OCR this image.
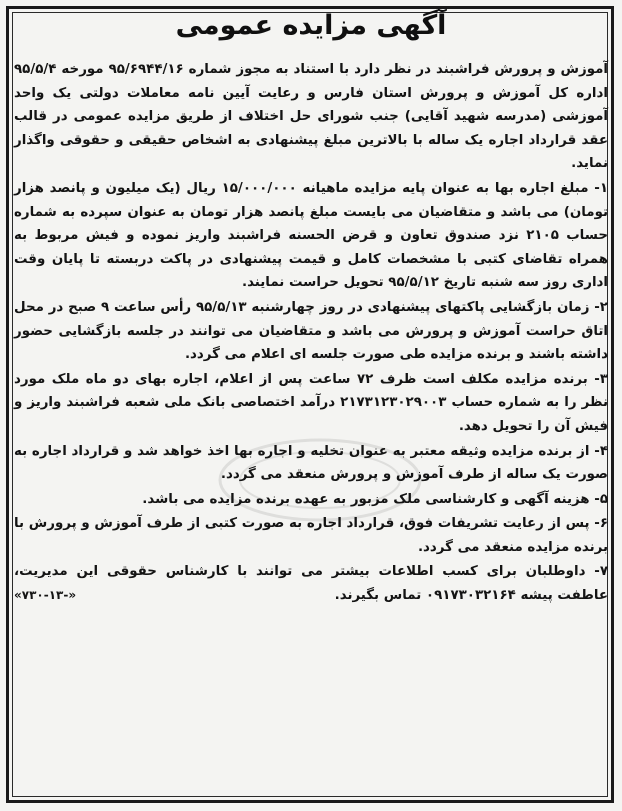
آگهی مزایده عمومی

آموزش و پرورش فراشبند در نظر دارد با استناد به مجوز شماره ۹۵/۶۹۴۴/۱۶ مورخه ۹۵/۵/۴ اداره کل آموزش و پرورش استان فارس و رعایت آیین نامه معاملات دولتی یک واحد آموزشی (مدرسه شهید آقایی) جنب شورای حل اختلاف از طریق مزایده عمومی در قالب عقد قرارداد اجاره یک ساله با بالاترین مبلغ پیشنهادی به اشخاص حقیقی و حقوقی واگذار نماید.

۱- مبلغ اجاره بها به عنوان پایه مزایده ماهیانه ۱۵/۰۰۰/۰۰۰ ریال (یک میلیون و پانصد هزار تومان) می باشد و متقاضیان می بایست مبلغ پانصد هزار تومان به عنوان سپرده به شماره حساب ۲۱۰۵ نزد صندوق تعاون و قرض الحسنه فراشبند واریز نموده و فیش مربوط به همراه تقاضای کتبی با مشخصات کامل و قیمت پیشنهادی در پاکت دربسته تا پایان وقت اداری روز سه شنبه تاریخ ۹۵/۵/۱۲ تحویل حراست نمایند.

۲- زمان بازگشایی پاکتهای پیشنهادی در روز چهارشنبه ۹۵/۵/۱۳ رأس ساعت ۹ صبح در محل اتاق حراست آموزش و پرورش می باشد و متقاضیان می توانند در جلسه بازگشایی حضور داشته باشند و برنده مزایده طی صورت جلسه ای اعلام می گردد.

۳- برنده مزایده مکلف است ظرف ۷۲ ساعت پس از اعلام، اجاره بهای دو ماه ملک مورد نظر را به شماره حساب ۲۱۷۳۱۲۳۰۲۹۰۰۳ درآمد اختصاصی بانک ملی شعبه فراشبند واریز و فیش آن را تحویل دهد.

۴- از برنده مزایده وثیقه معتبر به عنوان تخلیه و اجاره بها اخذ خواهد شد و قرارداد اجاره به صورت یک ساله از طرف آموزش و پرورش منعقد می گردد.

۵- هزینه آگهی و کارشناسی ملک مزبور به عهده برنده مزایده می باشد.

۶- پس از رعایت تشریفات فوق، قرارداد اجاره به صورت کتبی از طرف آموزش و پرورش با برنده مزایده منعقد می گردد.

۷- داوطلبان برای کسب اطلاعات بیشتر می توانند با کارشناس حقوقی این مدیریت، عاطفت پیشه ۰۹۱۷۳۰۳۲۱۶۴ تماس بگیرند.
«۷۳۰-۱۳-»
